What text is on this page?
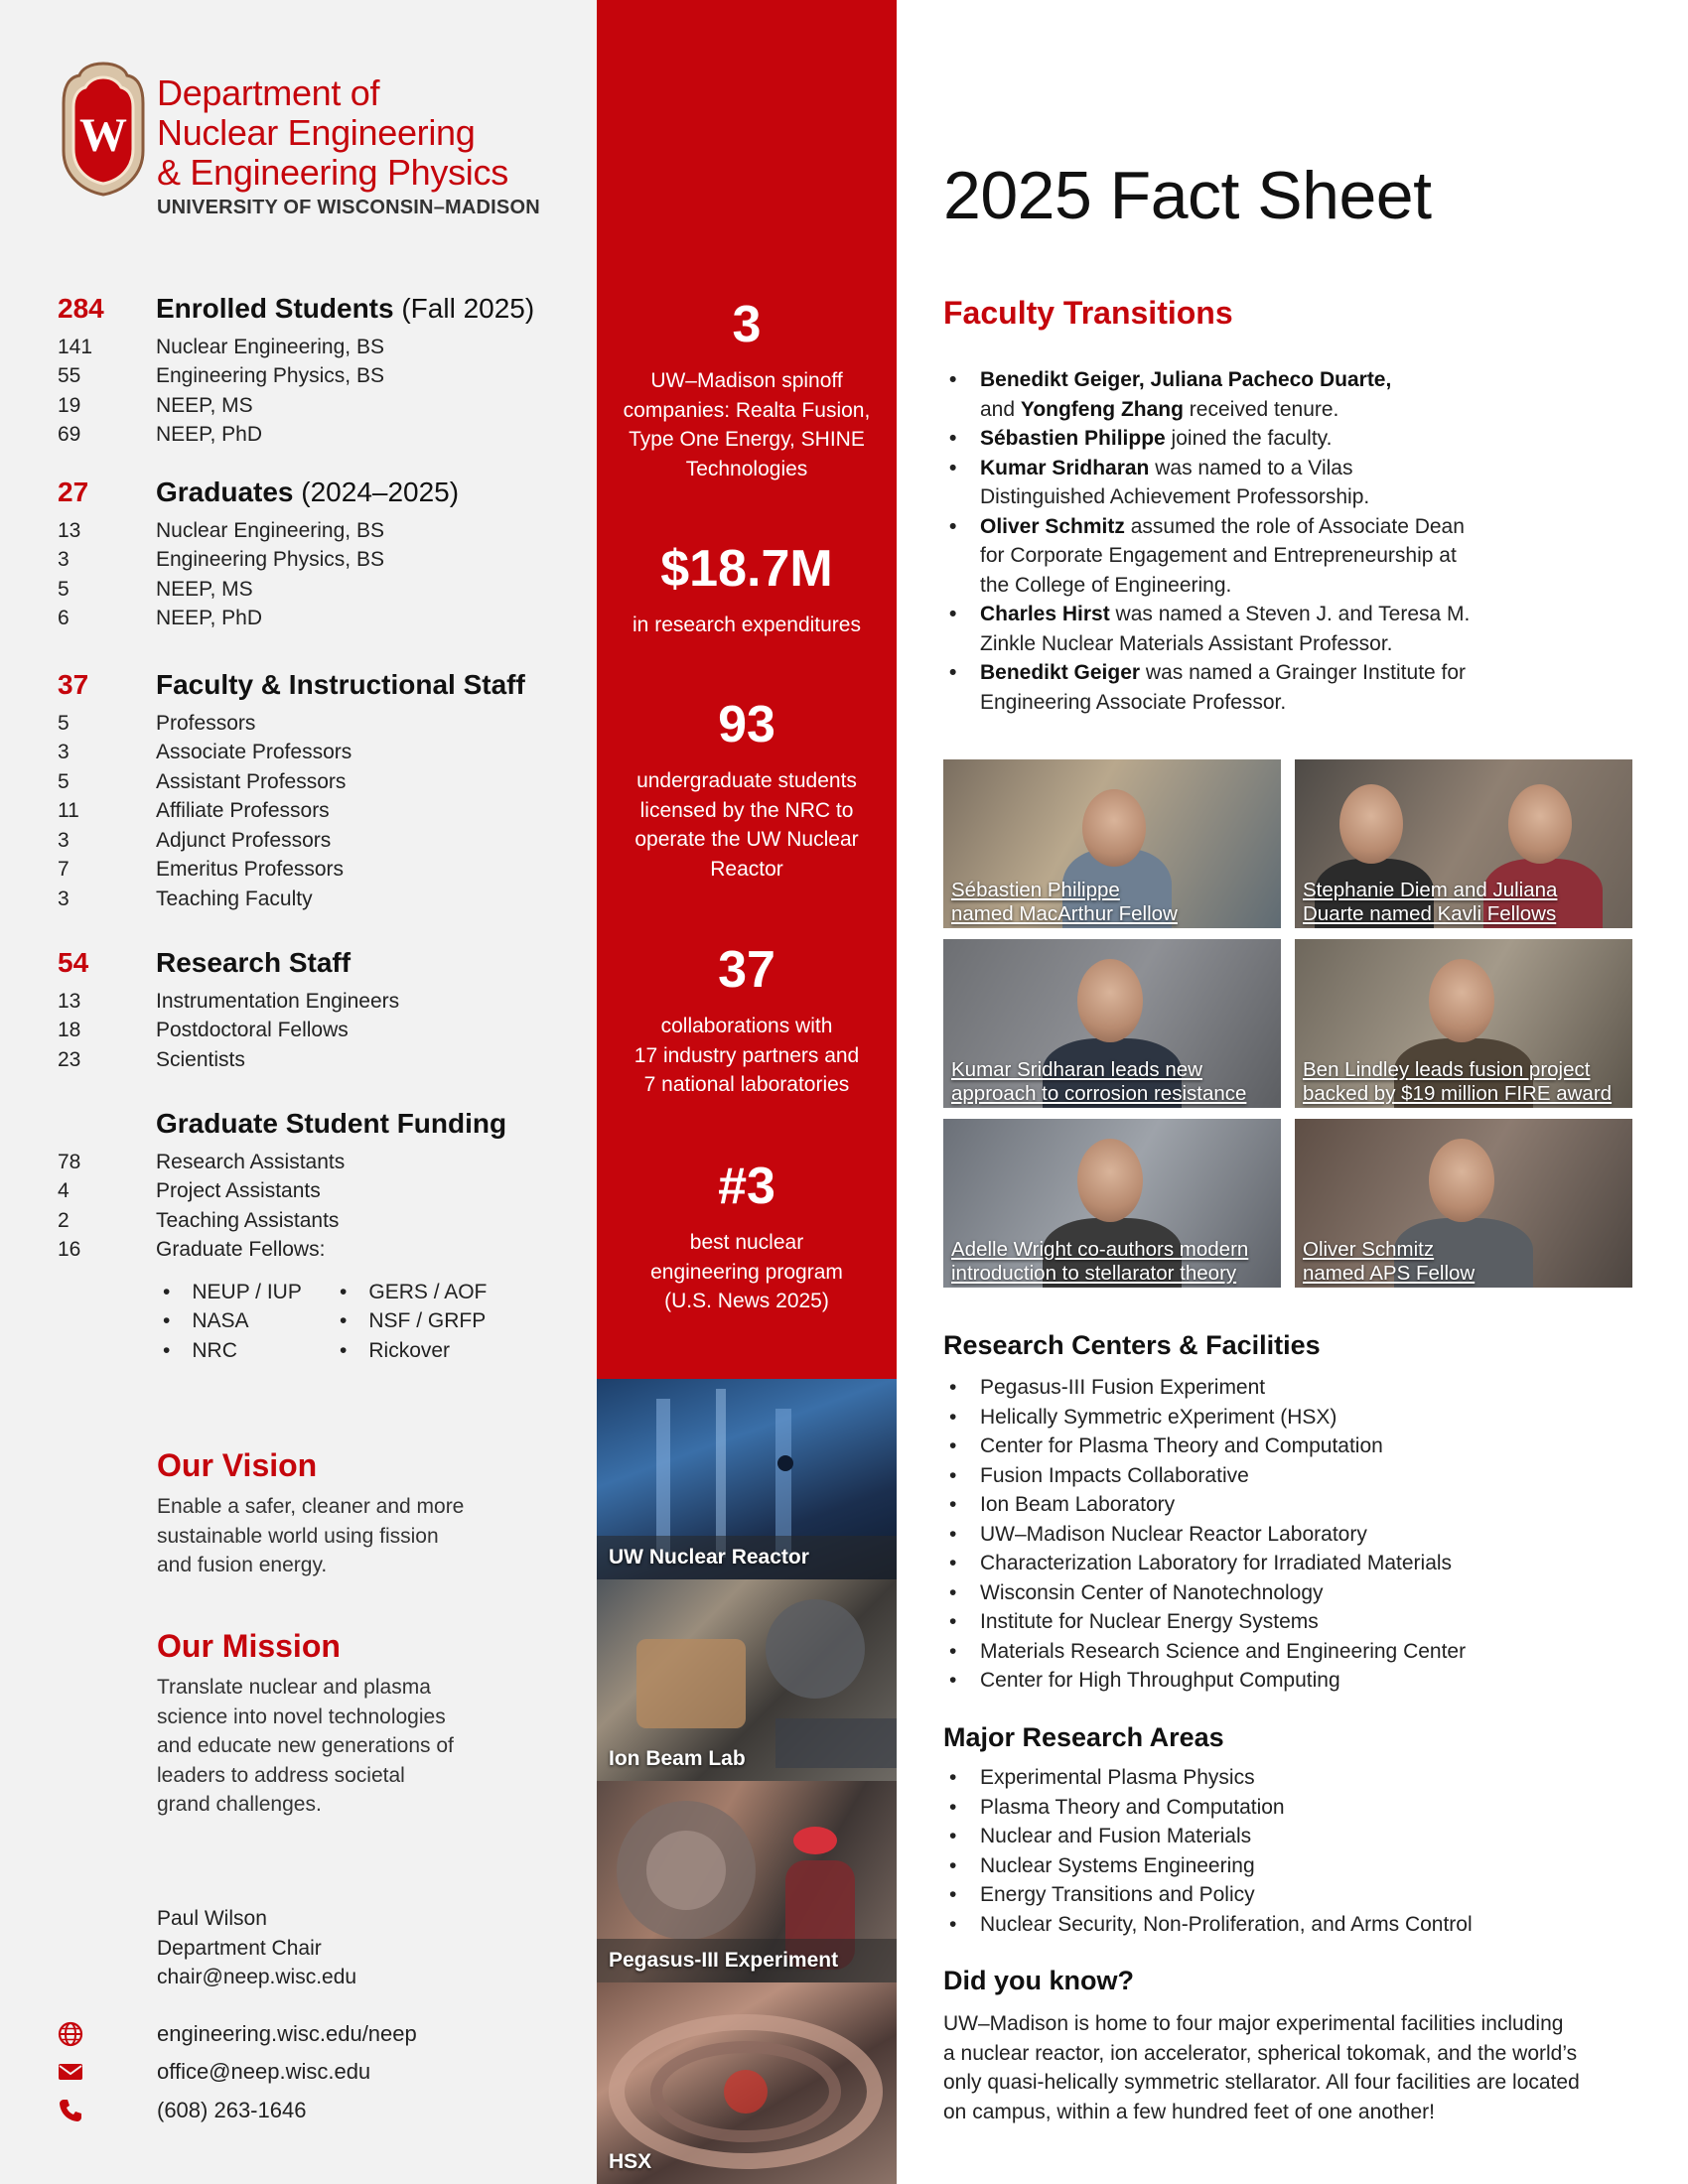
W
Department of
Nuclear Engineering
& Engineering Physics
UNIVERSITY OF WISCONSIN–MADISON
284	Enrolled Students (Fall 2025)
141	Nuclear Engineering, BS
55	Engineering Physics, BS
19	NEEP, MS
69	NEEP, PhD
27	Graduates (2024–2025)
13	Nuclear Engineering, BS
3	Engineering Physics, BS
5	NEEP, MS
6	NEEP, PhD
37	Faculty & Instructional Staff
5	Professors
3	Associate Professors
5	Assistant Professors
11	Affiliate Professors
3	Adjunct Professors
7	Emeritus Professors
3	Teaching Faculty
54	Research Staff
13	Instrumentation Engineers
18	Postdoctoral Fellows
23	Scientists
Graduate Student Funding
78	Research Assistants
4	Project Assistants
2	Teaching Assistants
16	Graduate Fellows:
• NEUP / IUP	• GERS / AOF
• NASA	• NSF / GRFP
• NRC	• Rickover
Our Vision

Enable a safer, cleaner and more
sustainable world using fission
and fusion energy.

Our Mission

Translate nuclear and plasma
science into novel technologies
and educate new generations of
leaders to address societal
grand challenges.

Paul Wilson
Department Chair
chair@neep.wisc.edu
engineering.wisc.edu/neep
office@neep.wisc.edu
(608) 263-1646
3
UW–Madison spinoff
companies: Realta Fusion,
Type One Energy, SHINE
Technologies
$18.7M
in research expenditures
93
undergraduate students
licensed by the NRC to
operate the UW Nuclear
Reactor
37
collaborations with
17 industry partners and
7 national laboratories
#3
best nuclear
engineering program
(U.S. News 2025)
UW Nuclear Reactor
Ion Beam Lab
Pegasus-III Experiment
HSX
2025 Fact Sheet
Faculty Transitions
• Benedikt Geiger, Juliana Pacheco Duarte,
and Yongfeng Zhang received tenure.
• Sébastien Philippe joined the faculty.
• Kumar Sridharan was named to a Vilas Distinguished Achievement Professorship.
• Oliver Schmitz assumed the role of Associate Dean for Corporate Engagement and Entrepreneurship at the College of Engineering.
• Charles Hirst was named a Steven J. and Teresa M. Zinkle Nuclear Materials Assistant Professor.
• Benedikt Geiger was named a Grainger Institute for Engineering Associate Professor.
Sébastien Philippe
named MacArthur Fellow
Stephanie Diem and Juliana
Duarte named Kavli Fellows
Kumar Sridharan leads new
approach to corrosion resistance
Ben Lindley leads fusion project
backed by $19 million FIRE award
Adelle Wright co-authors modern
introduction to stellarator theory
Oliver Schmitz
named APS Fellow
Research Centers & Facilities
• Pegasus-III Fusion Experiment
• Helically Symmetric eXperiment (HSX)
• Center for Plasma Theory and Computation
• Fusion Impacts Collaborative
• Ion Beam Laboratory
• UW–Madison Nuclear Reactor Laboratory
• Characterization Laboratory for Irradiated Materials
• Wisconsin Center of Nanotechnology
• Institute for Nuclear Energy Systems
• Materials Research Science and Engineering Center
• Center for High Throughput Computing
Major Research Areas
• Experimental Plasma Physics
• Plasma Theory and Computation
• Nuclear and Fusion Materials
• Nuclear Systems Engineering
• Energy Transitions and Policy
• Nuclear Security, Non-Proliferation, and Arms Control
Did you know?

UW–Madison is home to four major experimental facilities including
a nuclear reactor, ion accelerator, spherical tokomak, and the world’s
only quasi-helically symmetric stellarator. All four facilities are located
on campus, within a few hundred feet of one another!
